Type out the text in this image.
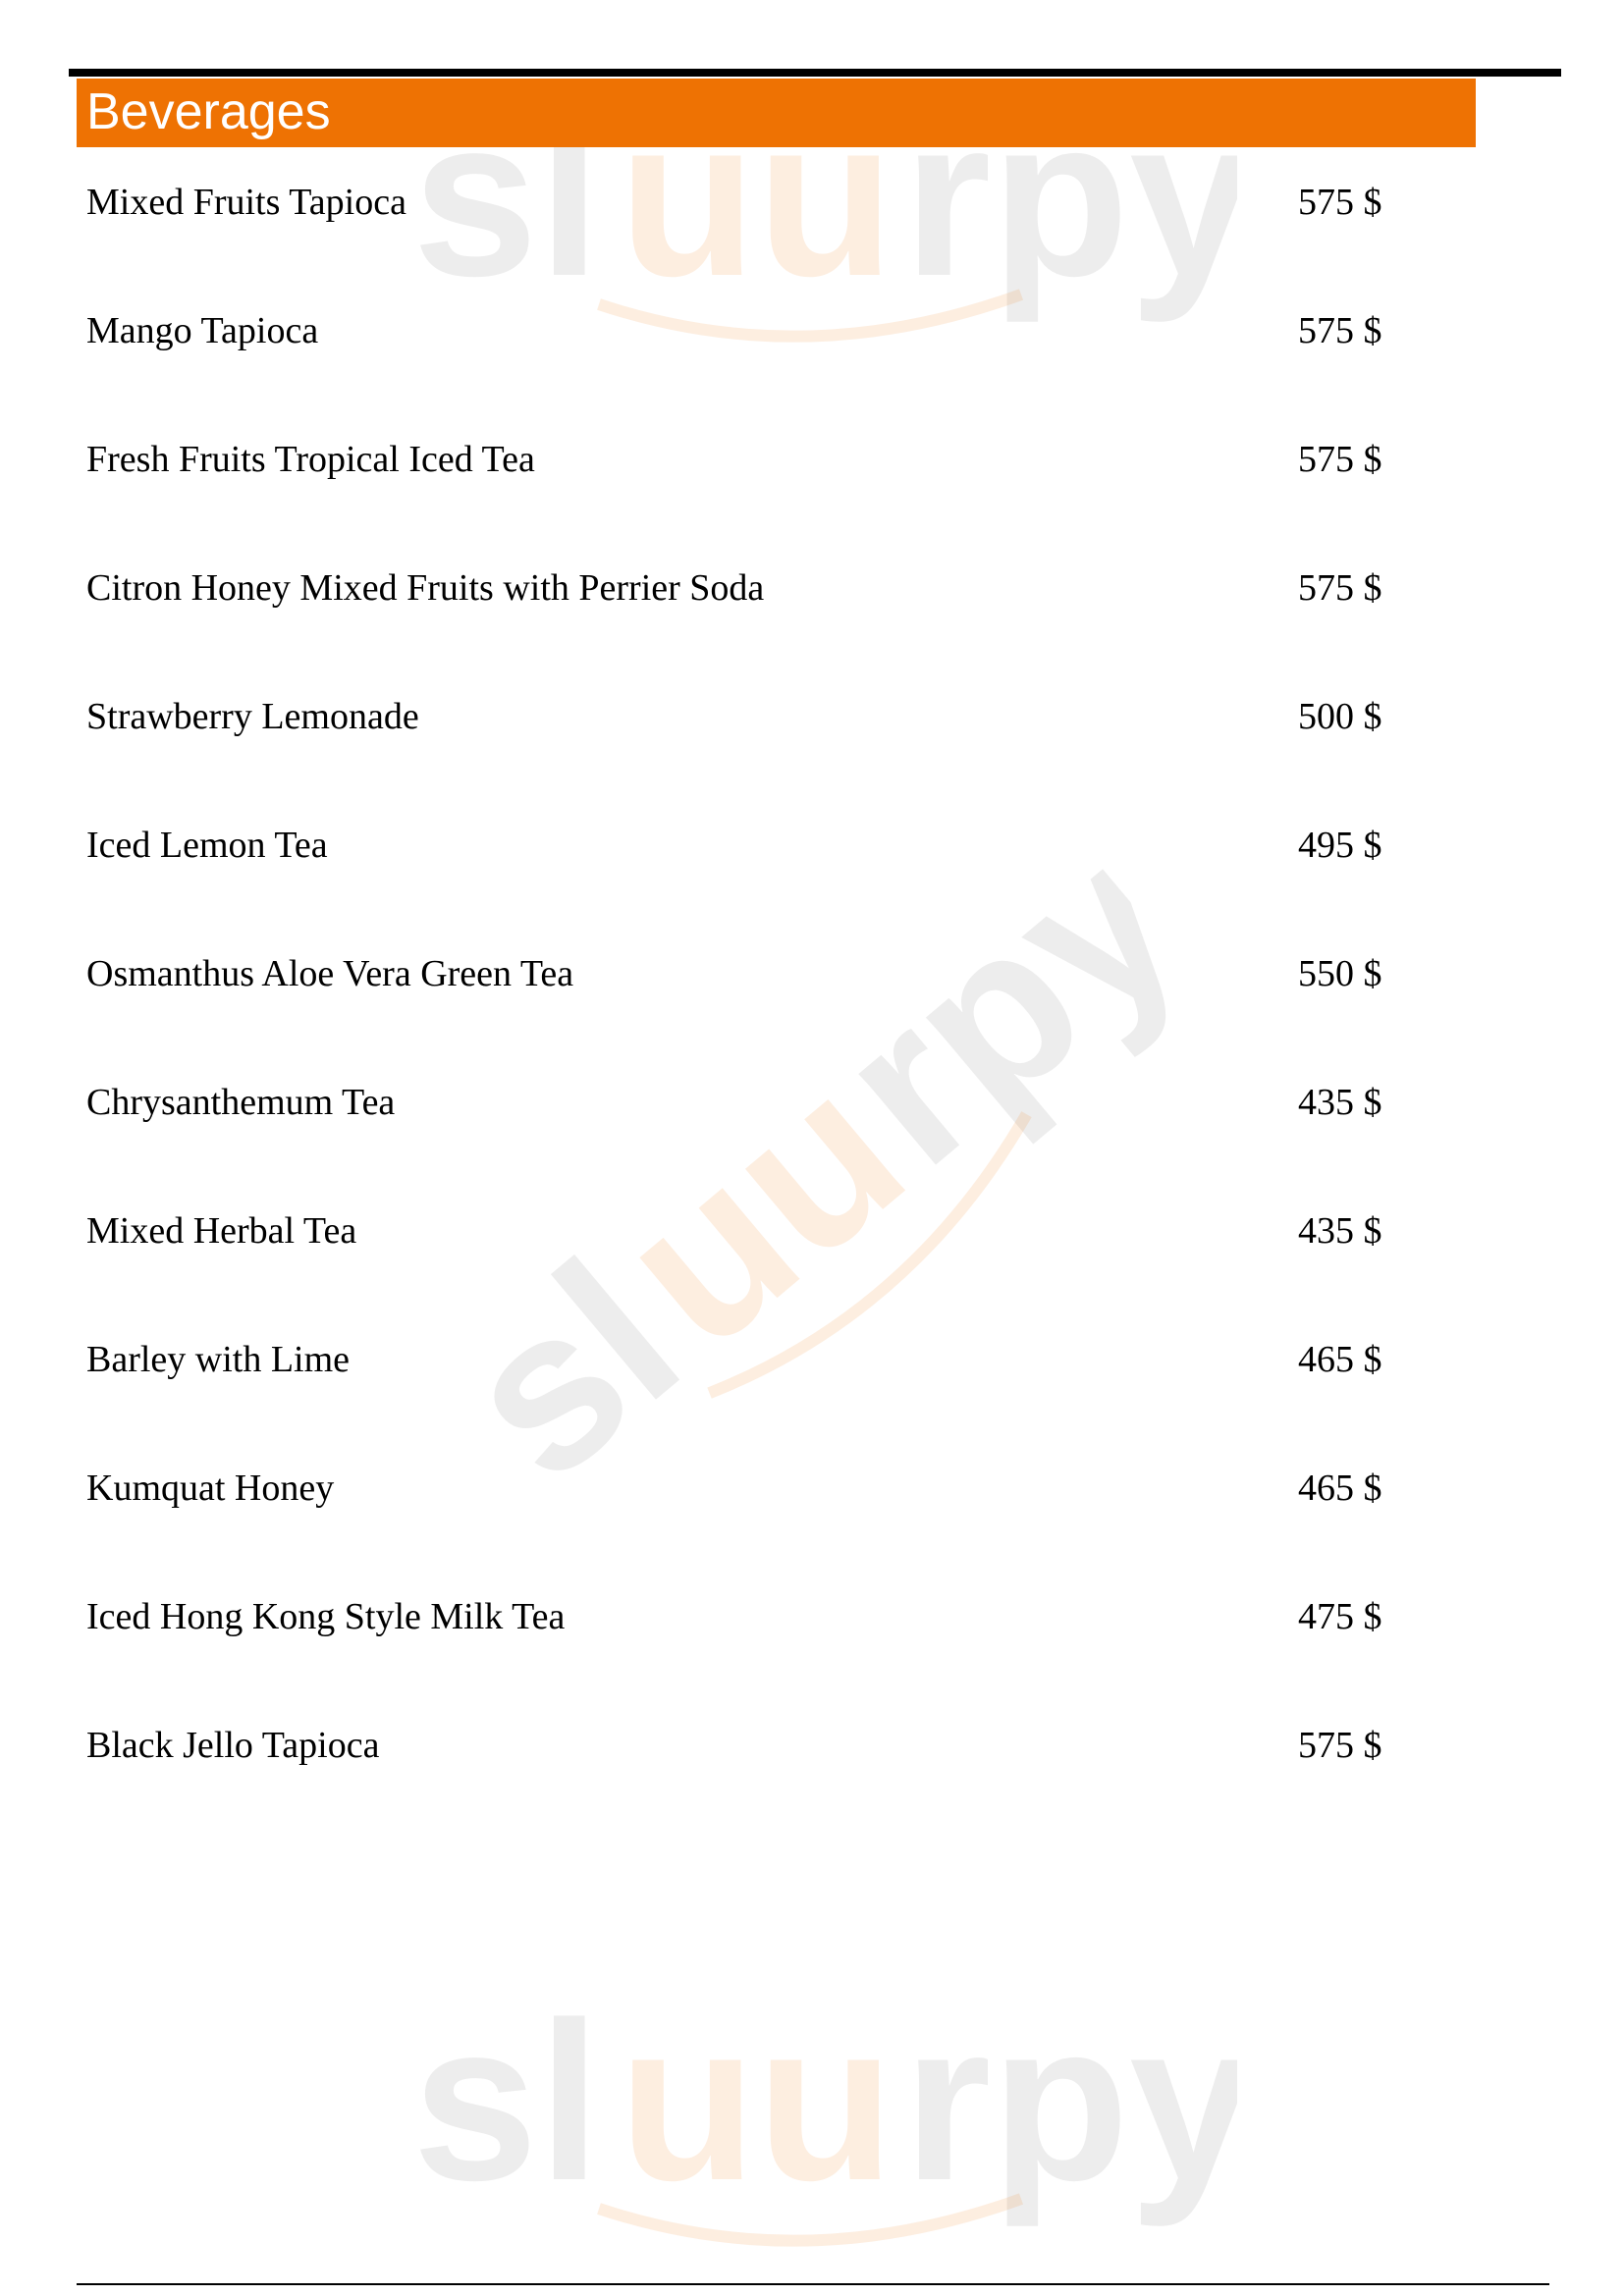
sl uu rpy
sl
uu
rpy
sl uu rpy
Beverages
Mixed Fruits Tapioca	575 $
Mango Tapioca	575 $
Fresh Fruits Tropical Iced Tea	575 $
Citron Honey Mixed Fruits with Perrier Soda	575 $
Strawberry Lemonade	500 $
Iced Lemon Tea	495 $
Osmanthus Aloe Vera Green Tea	550 $
Chrysanthemum Tea	435 $
Mixed Herbal Tea	435 $
Barley with Lime	465 $
Kumquat Honey	465 $
Iced Hong Kong Style Milk Tea	475 $
Black Jello Tapioca	575 $
